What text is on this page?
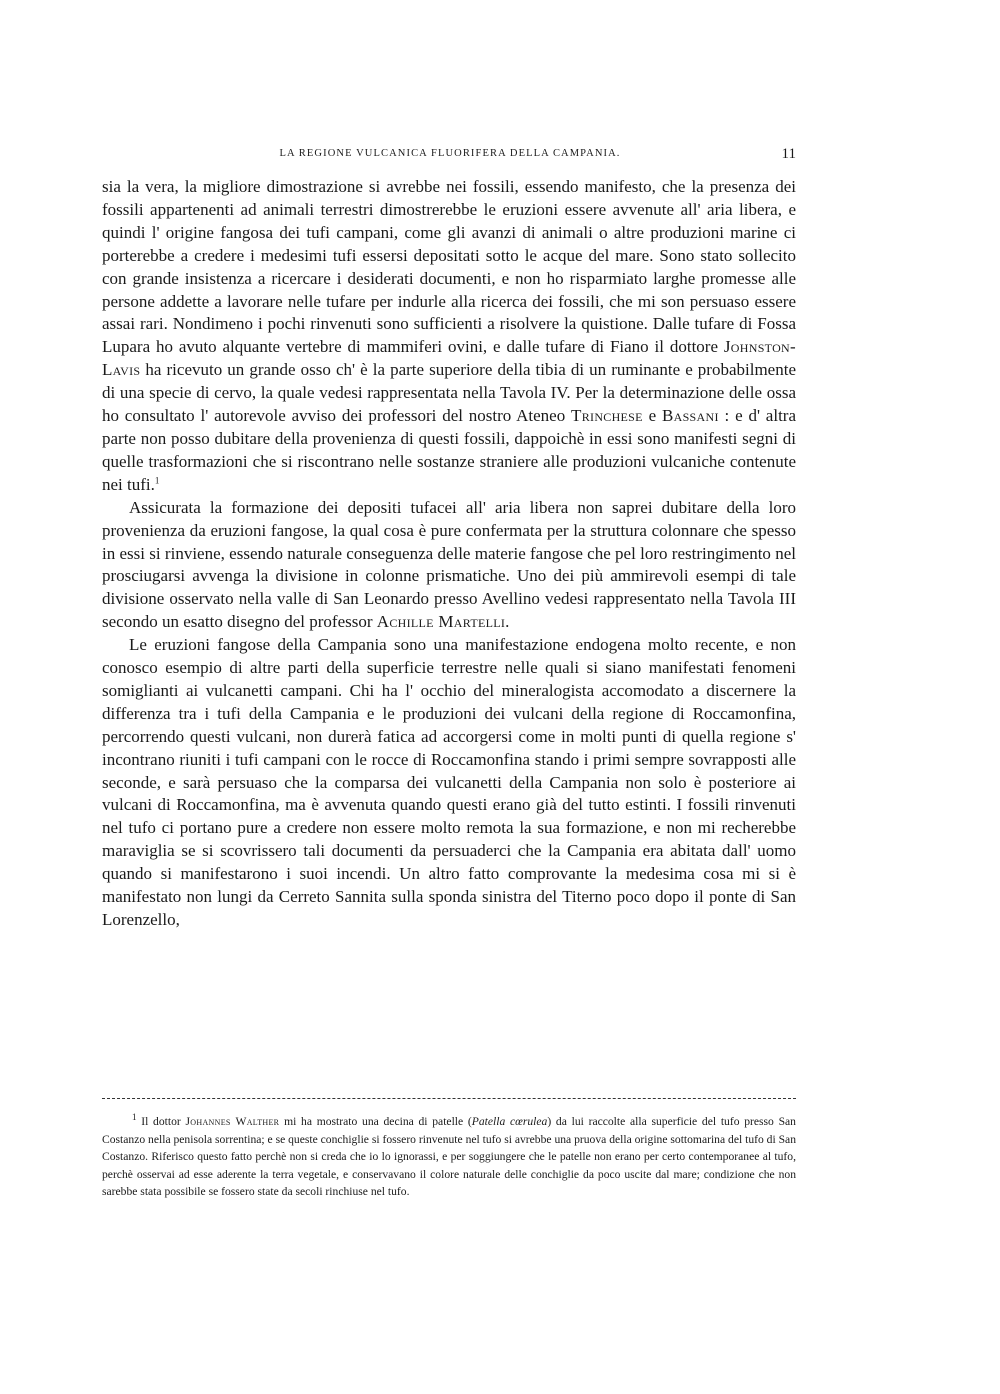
LA REGIONE VULCANICA FLUORIFERA DELLA CAMPANIA.	11

sia la vera, la migliore dimostrazione si avrebbe nei fossili, essendo manifesto, che la presenza dei fossili appartenenti ad animali terrestri dimostrerebbe le eruzioni essere avvenute all' aria libera, e quindi l' origine fangosa dei tufi campani, come gli avanzi di animali o altre produzioni marine ci porterebbe a credere i medesimi tufi essersi depositati sotto le acque del mare. Sono stato sollecito con grande insistenza a ricercare i desiderati documenti, e non ho risparmiato larghe promesse alle persone addette a lavorare nelle tufare per indurle alla ricerca dei fossili, che mi son persuaso essere assai rari. Nondimeno i pochi rinvenuti sono sufficienti a risolvere la quistione. Dalle tufare di Fossa Lupara ho avuto alquante vertebre di mammiferi ovini, e dalle tufare di Fiano il dottore Johnston-Lavis ha ricevuto un grande osso ch' è la parte superiore della tibia di un ruminante e probabilmente di una specie di cervo, la quale vedesi rappresentata nella Tavola IV. Per la determinazione delle ossa ho consultato l' autorevole avviso dei professori del nostro Ateneo Trinchese e Bassani : e d' altra parte non posso dubitare della provenienza di questi fossili, dappoichè in essi sono manifesti segni di quelle trasformazioni che si riscontrano nelle sostanze straniere alle produzioni vulcaniche contenute nei tufi.$^1$

Assicurata la formazione dei depositi tufacei all' aria libera non saprei dubitare della loro provenienza da eruzioni fangose, la qual cosa è pure confermata per la struttura colonnare che spesso in essi si rinviene, essendo naturale conseguenza delle materie fangose che pel loro restringimento nel prosciugarsi avvenga la divisione in colonne prismatiche. Uno dei più ammirevoli esempi di tale divisione osservato nella valle di San Leonardo presso Avellino vedesi rappresentato nella Tavola III secondo un esatto disegno del professor Achille Martelli.

Le eruzioni fangose della Campania sono una manifestazione endogena molto recente, e non conosco esempio di altre parti della superficie terrestre nelle quali si siano manifestati fenomeni somiglianti ai vulcanetti campani. Chi ha l' occhio del mineralogista accomodato a discernere la differenza tra i tufi della Campania e le produzioni dei vulcani della regione di Roccamonfina, percorrendo questi vulcani, non durerà fatica ad accorgersi come in molti punti di quella regione s' incontrano riuniti i tufi campani con le rocce di Roccamonfina stando i primi sempre sovrapposti alle seconde, e sarà persuaso che la comparsa dei vulcanetti della Campania non solo è posteriore ai vulcani di Roccamonfina, ma è avvenuta quando questi erano già del tutto estinti. I fossili rinvenuti nel tufo ci portano pure a credere non essere molto remota la sua formazione, e non mi recherebbe maraviglia se si scovrissero tali documenti da persuaderci che la Campania era abitata dall' uomo quando si manifestarono i suoi incendi. Un altro fatto comprovante la medesima cosa mi si è manifestato non lungi da Cerreto Sannita sulla sponda sinistra del Titerno poco dopo il ponte di San Lorenzello,

$^1$ Il dottor Johannes Walther mi ha mostrato una decina di patelle (Patella cœrulea) da lui raccolte alla superficie del tufo presso San Costanzo nella penisola sorrentina; e se queste conchiglie si fossero rinvenute nel tufo si avrebbe una pruova della origine sottomarina del tufo di San Costanzo. Riferisco questo fatto perchè non si creda che io lo ignorassi, e per soggiungere che le patelle non erano per certo contemporanee al tufo, perchè osservai ad esse aderente la terra vegetale, e conservavano il colore naturale delle conchiglie da poco uscite dal mare; condizione che non sarebbe stata possibile se fossero state da secoli rinchiuse nel tufo.
